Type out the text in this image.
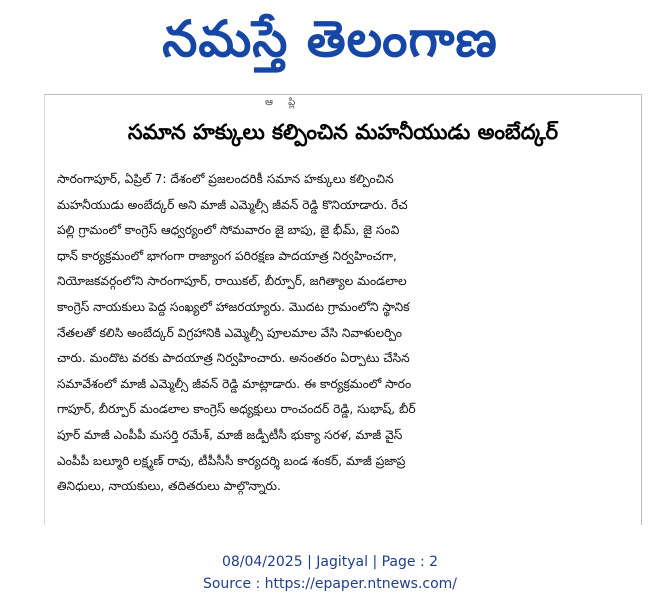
నమస్తే తెలంగాణ
ఆ ప్లి
సమాన హక్కులు కల్పించిన మహనీయుడు అంబేద్కర్
సారంగాపూర్, ఏప్రిల్ 7: దేశంలో ప్రజలందరికీ సమాన హక్కులు కల్పించిన
మహనీయుడు అంబేద్కర్ అని మాజీ ఎమ్మెల్సీ జీవన్ రెడ్డి కొనియాడారు. రేచ
పల్లి గ్రామంలో కాంగ్రెస్ ఆధ్వర్యంలో సోమవారం జై బాపు, జై భీమ్, జై సంవి
ధాన్ కార్యక్రమంలో భాగంగా రాజ్యాంగ పరిరక్షణ పాదయాత్ర నిర్వహించగా,
నియోజకవర్గంలోని సారంగాపూర్, రాయికల్, బీర్పూర్, జగిత్యాల మండలాల
కాంగ్రెస్ నాయకులు పెద్ద సంఖ్యలో హాజరయ్యారు. మొదట గ్రామంలోని స్థానిక
నేతలతో కలిసి అంబేద్కర్ విగ్రహానికి ఎమ్మెల్సీ పూలమాల వేసి నివాళులర్పిం
చారు. మందొట వరకు పాదయాత్ర నిర్వహించారు. అనంతరం ఏర్పాటు చేసిన
సమావేశంలో మాజీ ఎమ్మెల్సీ జీవన్ రెడ్డి మాట్లాడారు. ఈ కార్యక్రమంలో సారం
గాపూర్, బీర్పూర్ మండలాల కాంగ్రెస్ అధ్యక్షులు రాంచందర్ రెడ్డి, సుభాష్, బీర్
పూర్ మాజీ ఎంపీపీ మసర్తి రమేశ్, మాజీ జడ్పీటీసీ భుక్యా సరళ, మాజీ వైస్
ఎంపీపీ బల్మూరి లక్ష్మణ్ రావు, టీపీసీసీ కార్యదర్శి బండ శంకర్, మాజీ ప్రజాప్ర
తినిధులు, నాయకులు, తదితరులు పాల్గొన్నారు.
08/04/2025 | Jagityal | Page : 2
Source : https://epaper.ntnews.com/
